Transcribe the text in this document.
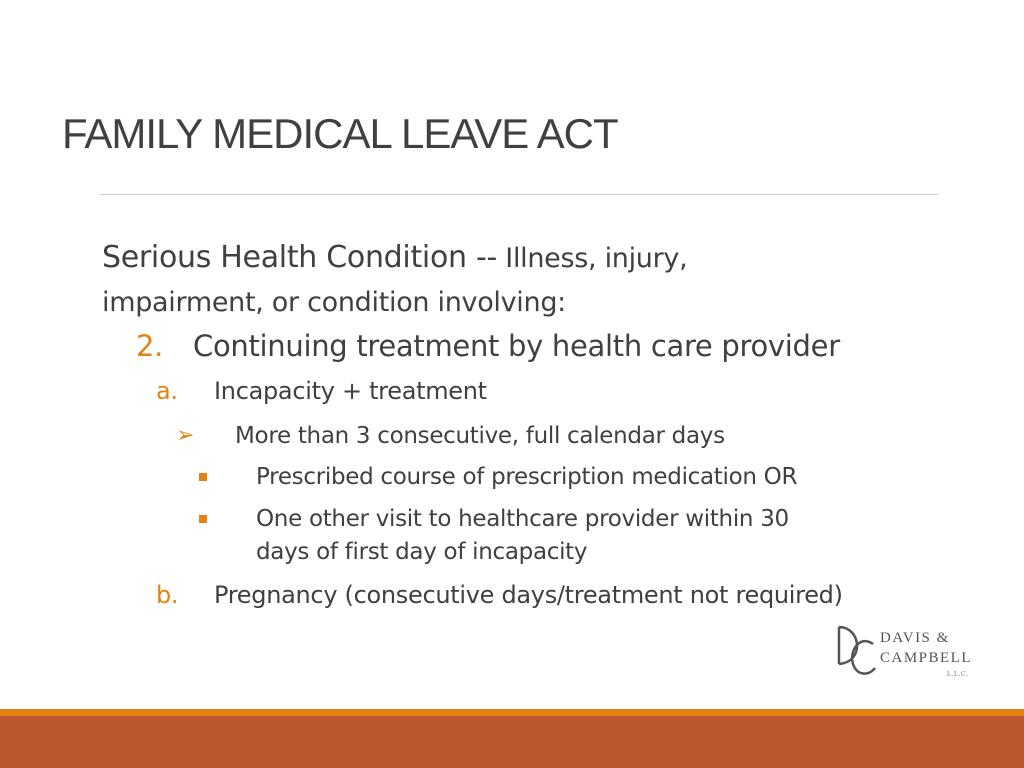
FAMILY MEDICAL LEAVE ACT
Serious Health Condition -- Illness, injury,
impairment, or condition involving:
2. Continuing treatment by health care provider
a. Incapacity + treatment
➢ More than 3 consecutive, full calendar days
Prescribed course of prescription medication OR
One other visit to healthcare provider within 30
days of first day of incapacity
b. Pregnancy (consecutive days/treatment not required)
DAVIS &
CAMPBELL
L.L.C.
